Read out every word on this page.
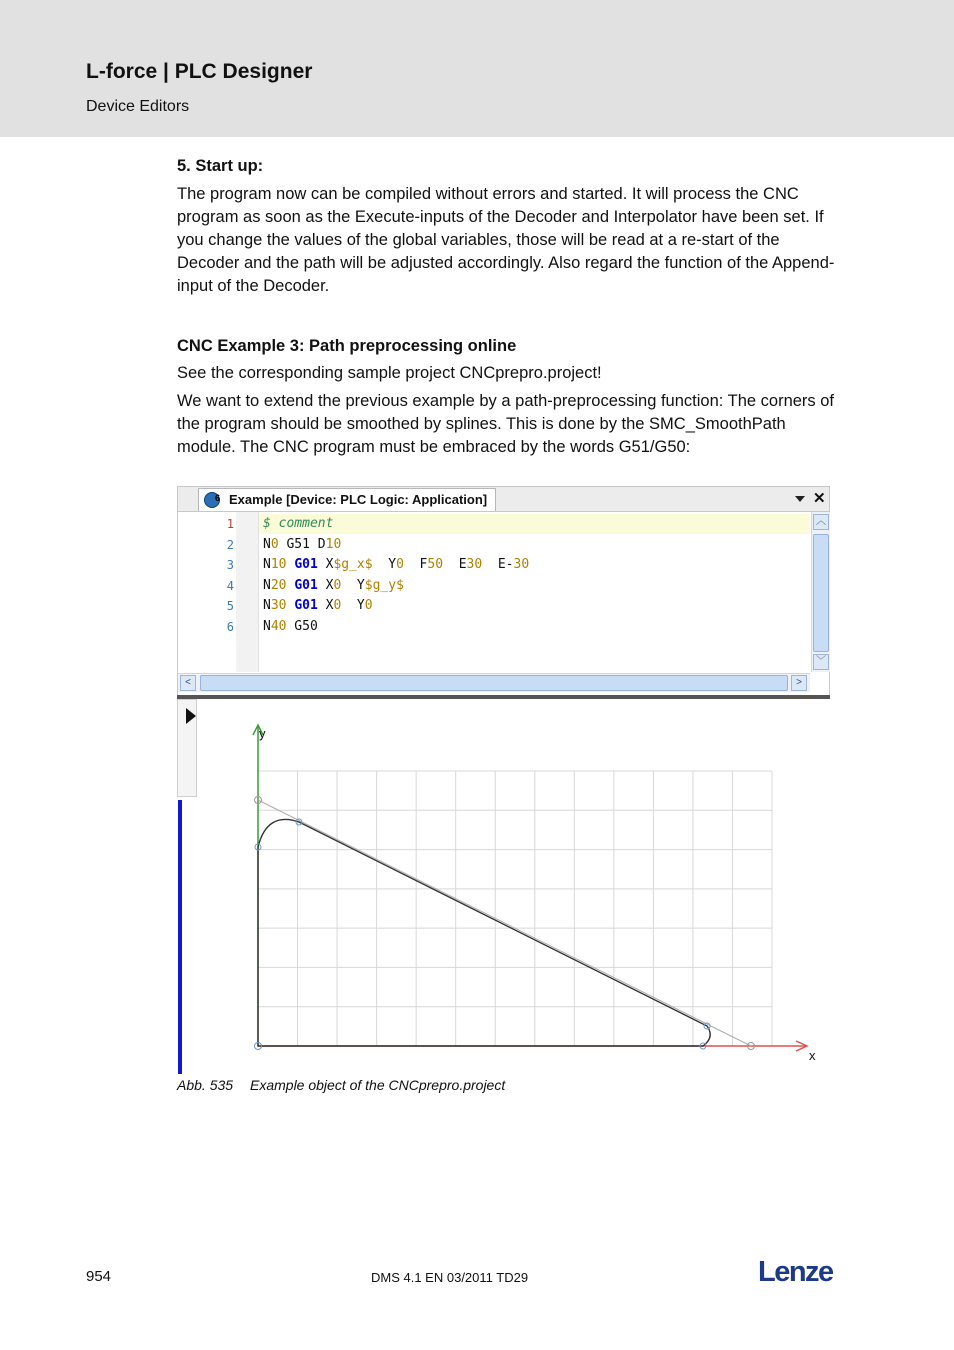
L-force | PLC Designer
Device Editors

5. Start up:

The program now can be compiled without errors and started. It will process the CNC program as soon as the Execute-inputs of the Decoder and Interpolator have been set. If you change the values of the global variables, those will be read at a re-start of the Decoder and the path will be adjusted accordingly. Also regard the function of the Append-input of the Decoder.

CNC Example 3: Path preprocessing online

See the corresponding sample project CNCprepro.project!

We want to extend the previous example by a path-preprocessing function: The corners of the program should be smoothed by splines. This is done by the SMC_SmoothPath module. The CNC program must be embraced by the words G51/G50:

6 Example [Device: PLC Logic: Application]	✕
1
2
3
4
5
6
$ comment
N0 G51 D10
N10 G01 X$g_x$  Y0  F50  E30  E-30
N20 G01 X0  Y$g_y$
N30 G01 X0  Y0
N40 G50
︿
﹀
<	>
y
x
Abb. 535 Example object of the CNCprepro.project
954	DMS 4.1 EN 03/2011 TD29	Lenze
